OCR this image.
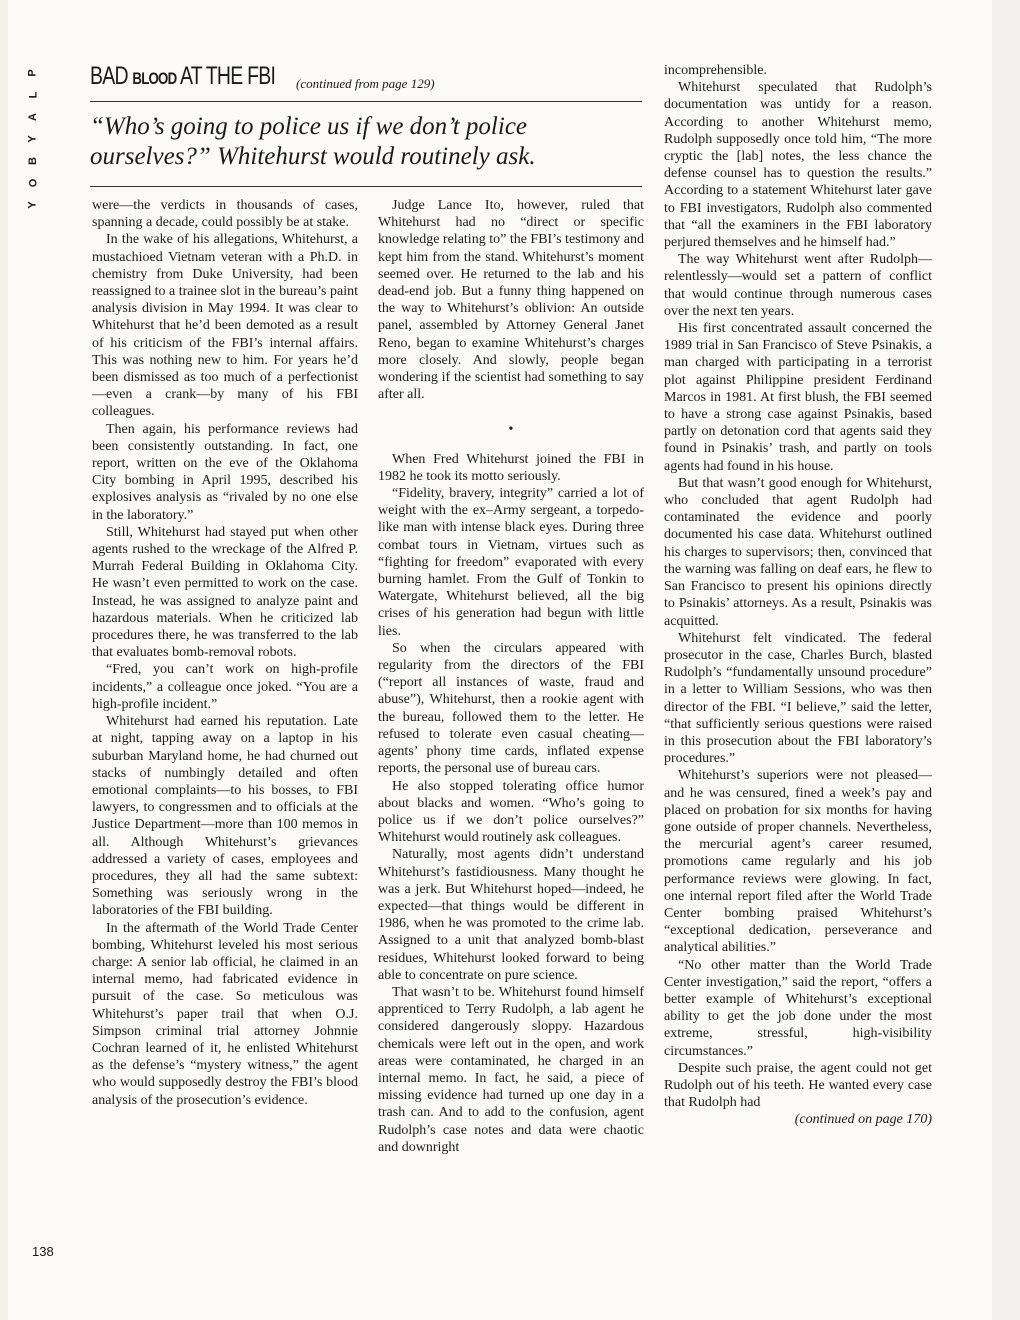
P
L
A
Y
B
O
Y
BAD BLOOD AT THE FBI (continued from page 129)
“Who’s going to police us if we don’t police ourselves?” Whitehurst would routinely ask.

were—the verdicts in thousands of cases, spanning a decade, could possibly be at stake.

In the wake of his allegations, Whitehurst, a mustachioed Vietnam veteran with a Ph.D. in chemistry from Duke University, had been reassigned to a trainee slot in the bureau’s paint analysis division in May 1994. It was clear to Whitehurst that he’d been demoted as a result of his criticism of the FBI’s internal affairs. This was nothing new to him. For years he’d been dismissed as too much of a perfectionist—even a crank—by many of his FBI colleagues.

Then again, his performance reviews had been consistently outstanding. In fact, one report, written on the eve of the Oklahoma City bombing in April 1995, described his explosives analysis as “rivaled by no one else in the laboratory.”

Still, Whitehurst had stayed put when other agents rushed to the wreckage of the Alfred P. Murrah Federal Building in Oklahoma City. He wasn’t even permitted to work on the case. Instead, he was assigned to analyze paint and hazardous materials. When he criticized lab procedures there, he was transferred to the lab that evaluates bomb-removal robots.

“Fred, you can’t work on high-profile incidents,” a colleague once joked. “You are a high-profile incident.”

Whitehurst had earned his reputation. Late at night, tapping away on a laptop in his suburban Maryland home, he had churned out stacks of numbingly detailed and often emotional complaints—to his bosses, to FBI lawyers, to congressmen and to officials at the Justice Department—more than 100 memos in all. Although Whitehurst’s grievances addressed a variety of cases, employees and procedures, they all had the same subtext: Something was seriously wrong in the laboratories of the FBI building.

In the aftermath of the World Trade Center bombing, Whitehurst leveled his most serious charge: A senior lab official, he claimed in an internal memo, had fabricated evidence in pursuit of the case. So meticulous was Whitehurst’s paper trail that when O.J. Simpson criminal trial attorney Johnnie Cochran learned of it, he enlisted Whitehurst as the defense’s “mystery witness,” the agent who would supposedly destroy the FBI’s blood analysis of the prosecution’s evidence.

Judge Lance Ito, however, ruled that Whitehurst had no “direct or specific knowledge relating to” the FBI’s testimony and kept him from the stand. Whitehurst’s moment seemed over. He returned to the lab and his dead-end job. But a funny thing happened on the way to Whitehurst’s oblivion: An outside panel, assembled by Attorney General Janet Reno, began to examine Whitehurst’s charges more closely. And slowly, people began wondering if the scientist had something to say after all.

•

When Fred Whitehurst joined the FBI in 1982 he took its motto seriously.

“Fidelity, bravery, integrity” carried a lot of weight with the ex–Army sergeant, a torpedo-like man with intense black eyes. During three combat tours in Vietnam, virtues such as “fighting for freedom” evaporated with every burning hamlet. From the Gulf of Tonkin to Watergate, Whitehurst believed, all the big crises of his generation had begun with little lies.

So when the circulars appeared with regularity from the directors of the FBI (“report all instances of waste, fraud and abuse”), Whitehurst, then a rookie agent with the bureau, followed them to the letter. He refused to tolerate even casual cheating—agents’ phony time cards, inflated expense reports, the personal use of bureau cars.

He also stopped tolerating office humor about blacks and women. “Who’s going to police us if we don’t police ourselves?” Whitehurst would routinely ask colleagues.

Naturally, most agents didn’t understand Whitehurst’s fastidiousness. Many thought he was a jerk. But Whitehurst hoped—indeed, he expected—that things would be different in 1986, when he was promoted to the crime lab. Assigned to a unit that analyzed bomb-blast residues, Whitehurst looked forward to being able to concentrate on pure science.

That wasn’t to be. Whitehurst found himself apprenticed to Terry Rudolph, a lab agent he considered dangerously sloppy. Hazardous chemicals were left out in the open, and work areas were contaminated, he charged in an internal memo. In fact, he said, a piece of missing evidence had turned up one day in a trash can. And to add to the confusion, agent Rudolph’s case notes and data were chaotic and downright

incomprehensible.

Whitehurst speculated that Rudolph’s documentation was untidy for a reason. According to another Whitehurst memo, Rudolph supposedly once told him, “The more cryptic the [lab] notes, the less chance the defense counsel has to question the results.” According to a statement Whitehurst later gave to FBI investigators, Rudolph also commented that “all the examiners in the FBI laboratory perjured themselves and he himself had.”

The way Whitehurst went after Rudolph—relentlessly—would set a pattern of conflict that would continue through numerous cases over the next ten years.

His first concentrated assault concerned the 1989 trial in San Francisco of Steve Psinakis, a man charged with participating in a terrorist plot against Philippine president Ferdinand Marcos in 1981. At first blush, the FBI seemed to have a strong case against Psinakis, based partly on detonation cord that agents said they found in Psinakis’ trash, and partly on tools agents had found in his house.

But that wasn’t good enough for Whitehurst, who concluded that agent Rudolph had contaminated the evidence and poorly documented his case data. Whitehurst outlined his charges to supervisors; then, convinced that the warning was falling on deaf ears, he flew to San Francisco to present his opinions directly to Psinakis’ attorneys. As a result, Psinakis was acquitted.

Whitehurst felt vindicated. The federal prosecutor in the case, Charles Burch, blasted Rudolph’s “fundamentally unsound procedure” in a letter to William Sessions, who was then director of the FBI. “I believe,” said the letter, “that sufficiently serious questions were raised in this prosecution about the FBI laboratory’s procedures.”

Whitehurst’s superiors were not pleased—and he was censured, fined a week’s pay and placed on probation for six months for having gone outside of proper channels. Nevertheless, the mercurial agent’s career resumed, promotions came regularly and his job performance reviews were glowing. In fact, one internal report filed after the World Trade Center bombing praised Whitehurst’s “exceptional dedication, perseverance and analytical abilities.”

“No other matter than the World Trade Center investigation,” said the report, “offers a better example of Whitehurst’s exceptional ability to get the job done under the most extreme, stressful, high-visibility circumstances.”

Despite such praise, the agent could not get Rudolph out of his teeth. He wanted every case that Rudolph had

(continued on page 170)

138
